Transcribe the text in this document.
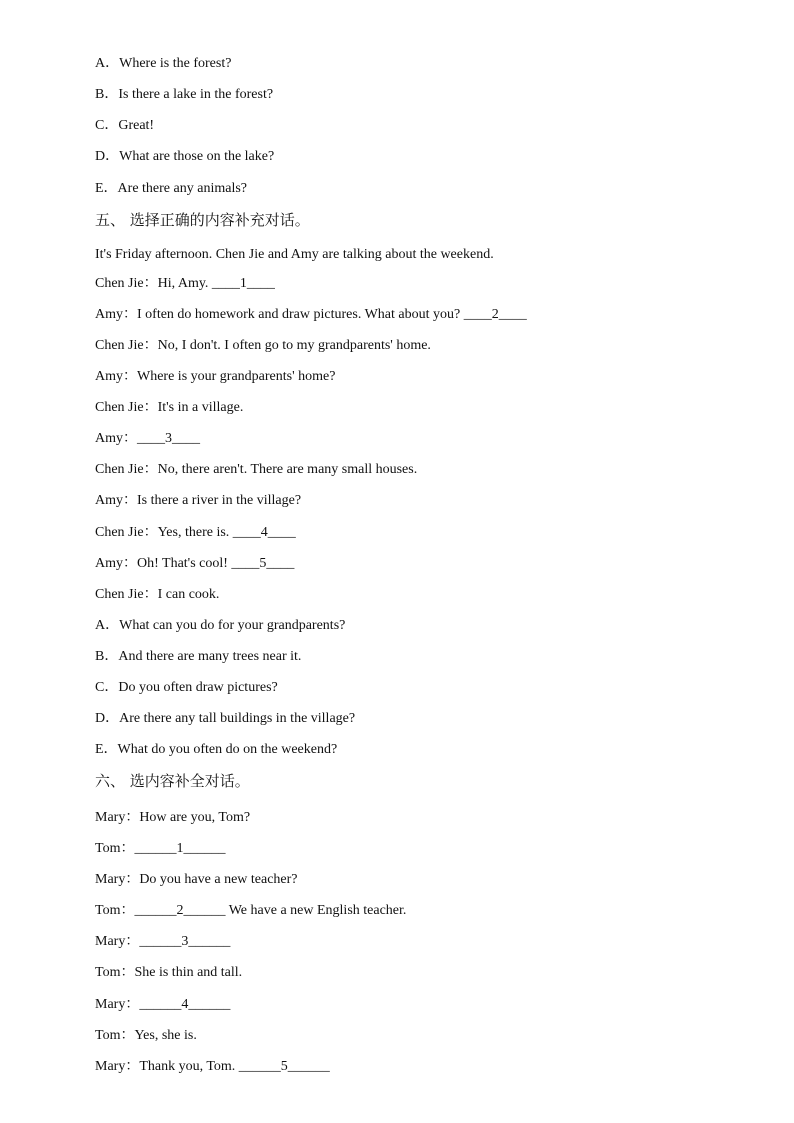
A．Where is the forest?
B．Is there a lake in the forest?
C．Great!
D．What are those on the lake?
E．Are there any animals?
五、 选择正确的内容补充对话。
It's Friday afternoon. Chen Jie and Amy are talking about the weekend.
Chen Jie：Hi, Amy. ____1____
Amy：I often do homework and draw pictures. What about you? ____2____
Chen Jie：No, I don't. I often go to my grandparents' home.
Amy：Where is your grandparents' home?
Chen Jie：It's in a village.
Amy：____3____
Chen Jie：No, there aren't. There are many small houses.
Amy：Is there a river in the village?
Chen Jie：Yes, there is. ____4____
Amy：Oh! That's cool! ____5____
Chen Jie：I can cook.
A．What can you do for your grandparents?
B．And there are many trees near it.
C．Do you often draw pictures?
D．Are there any tall buildings in the village?
E．What do you often do on the weekend?
六、 选内容补全对话。
Mary：How are you, Tom?
Tom：______1______
Mary：Do you have a new teacher?
Tom：______2______ We have a new English teacher.
Mary：______3______
Tom：She is thin and tall.
Mary：______4______
Tom：Yes, she is.
Mary：Thank you, Tom. ______5______
